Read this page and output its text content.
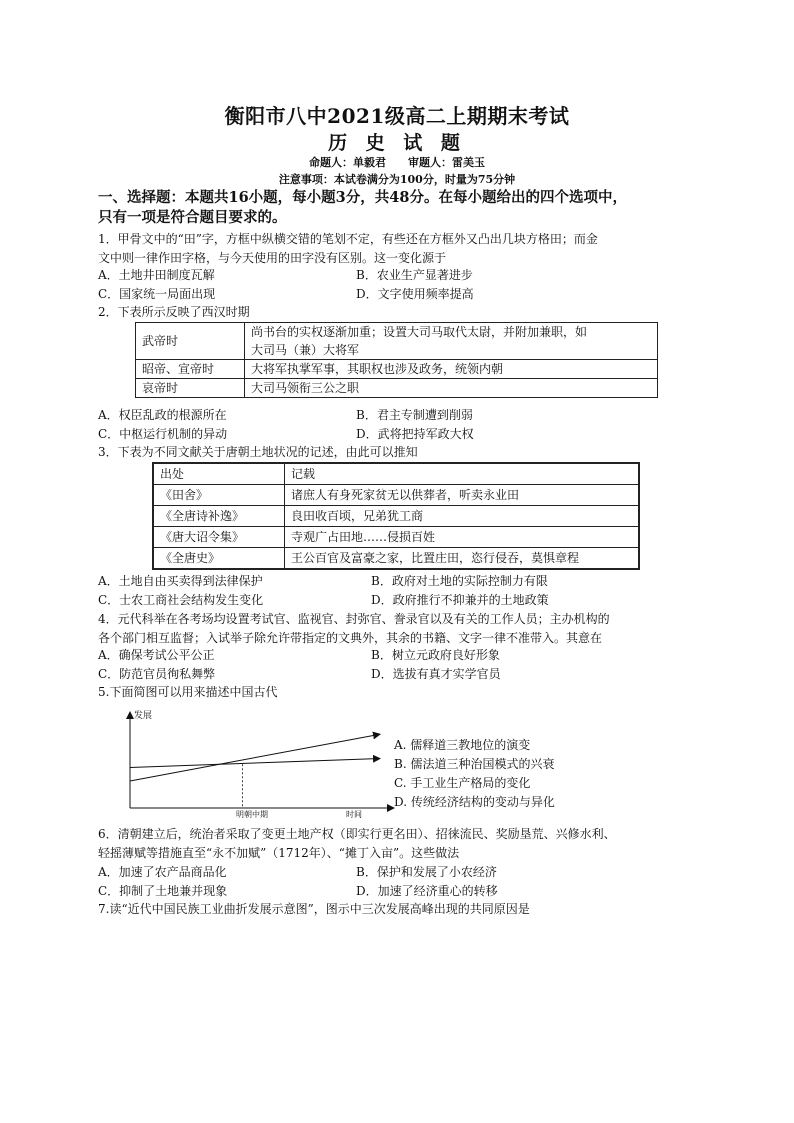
衡阳市八中2021级高二上期期末考试
历 史 试 题
命题人：单毅君　　审题人：雷美玉
注意事项：本试卷满分为100分，时量为75分钟
一、选择题：本题共16小题，每小题3分，共48分。在每小题给出的四个选项中，
只有一项是符合题目要求的。
1．甲骨文中的“田”字，方框中纵横交错的笔划不定，有些还在方框外又凸出几块方格田；而金
文中则一律作田字格，与今天使用的田字没有区别。这一变化源于
A．土地井田制度瓦解	B．农业生产显著进步
C．国家统一局面出现	D．文字使用频率提高
2．下表所示反映了西汉时期
武帝时	尚书台的实权逐渐加重；设置大司马取代太尉，并附加兼职，如
大司马（兼）大将军

昭帝、宣帝时	大将军执掌军事，其职权也涉及政务，统领内朝
哀帝时	大司马领衔三公之职
A．权臣乱政的根源所在	B．君主专制遭到削弱
C．中枢运行机制的异动	D．武将把持军政大权
3．下表为不同文献关于唐朝土地状况的记述，由此可以推知
出处	记载
《田舍》	诸庶人有身死家贫无以供葬者，听卖永业田
《全唐诗补逸》	良田收百顷，兄弟犹工商
《唐大诏令集》	寺观广占田地……侵损百姓
《全唐史》	王公百官及富豪之家，比置庄田，恣行侵吞，莫惧章程
A．土地自由买卖得到法律保护	B．政府对土地的实际控制力有限
C．士农工商社会结构发生变化	D．政府推行不抑兼并的土地政策
4．元代科举在各考场均设置考试官、监视官、封弥官、誊录官以及有关的工作人员；主办机构的
各个部门相互监督；入试举子除允许带指定的文典外，其余的书籍、文字一律不准带入。其意在
A．确保考试公平公正	B．树立元政府良好形象
C．防范官员徇私舞弊	D．选拔有真才实学官员
5.下面简图可以用来描述中国古代
发展
时间
明朝中期
A. 儒释道三教地位的演变
B. 儒法道三种治国模式的兴衰
C. 手工业生产格局的变化
D. 传统经济结构的变动与异化
6．清朝建立后，统治者采取了变更土地产权（即实行更名田）、招徕流民、奖励垦荒、兴修水利、
轻摇薄赋等措施直至“永不加赋”（1712年）、“摊丁入亩”。这些做法
A．加速了农产品商品化	B．保护和发展了小农经济
C．抑制了土地兼并现象	D．加速了经济重心的转移
7.读“近代中国民族工业曲折发展示意图”，图示中三次发展高峰出现的共同原因是
